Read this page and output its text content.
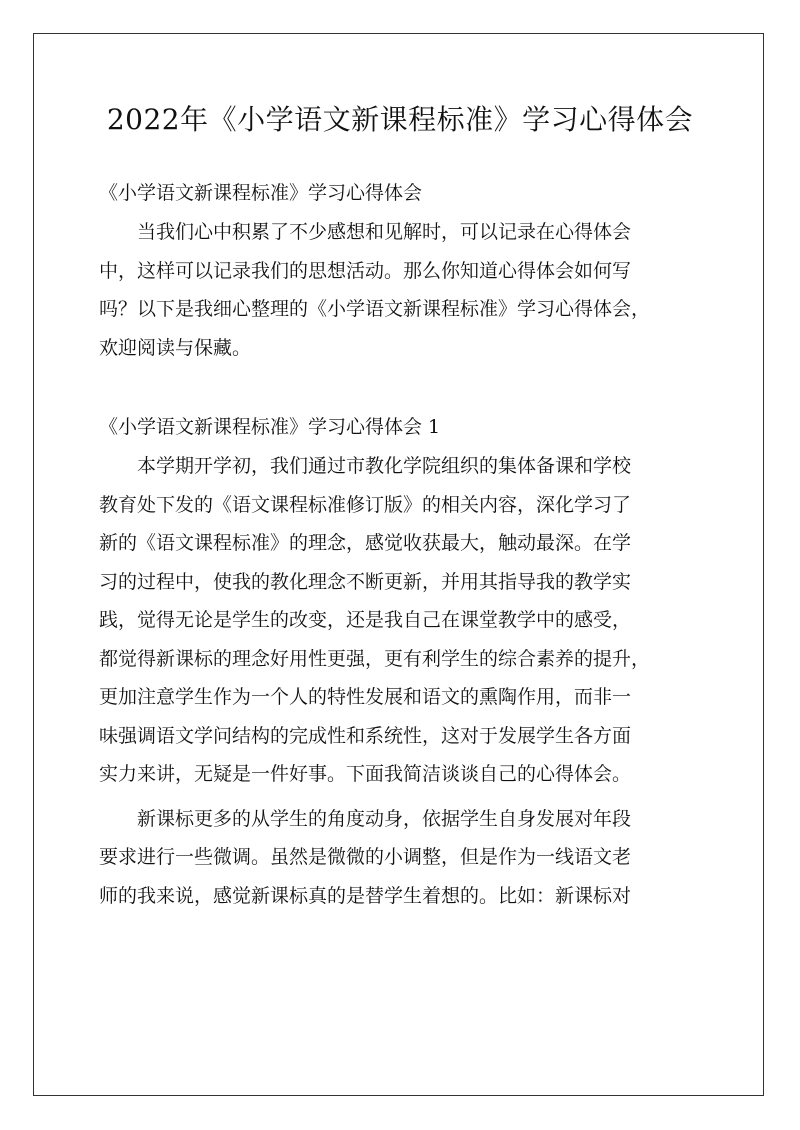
2022年《小学语文新课程标准》学习心得体会
《小学语文新课程标准》学习心得体会
当我们心中积累了不少感想和见解时，可以记录在心得体会
中，这样可以记录我们的思想活动。那么你知道心得体会如何写
吗？以下是我细心整理的《小学语文新课程标准》学习心得体会，
欢迎阅读与保藏。
《小学语文新课程标准》学习心得体会 1
本学期开学初，我们通过市教化学院组织的集体备课和学校
教育处下发的《语文课程标准修订版》的相关内容，深化学习了
新的《语文课程标准》的理念，感觉收获最大，触动最深。在学
习的过程中，使我的教化理念不断更新，并用其指导我的教学实
践，觉得无论是学生的改变，还是我自己在课堂教学中的感受，
都觉得新课标的理念好用性更强，更有利学生的综合素养的提升，
更加注意学生作为一个人的特性发展和语文的熏陶作用，而非一
味强调语文学问结构的完成性和系统性，这对于发展学生各方面
实力来讲，无疑是一件好事。下面我简洁谈谈自己的心得体会。
新课标更多的从学生的角度动身，依据学生自身发展对年段
要求进行一些微调。虽然是微微的小调整，但是作为一线语文老
师的我来说，感觉新课标真的是替学生着想的。比如：新课标对
